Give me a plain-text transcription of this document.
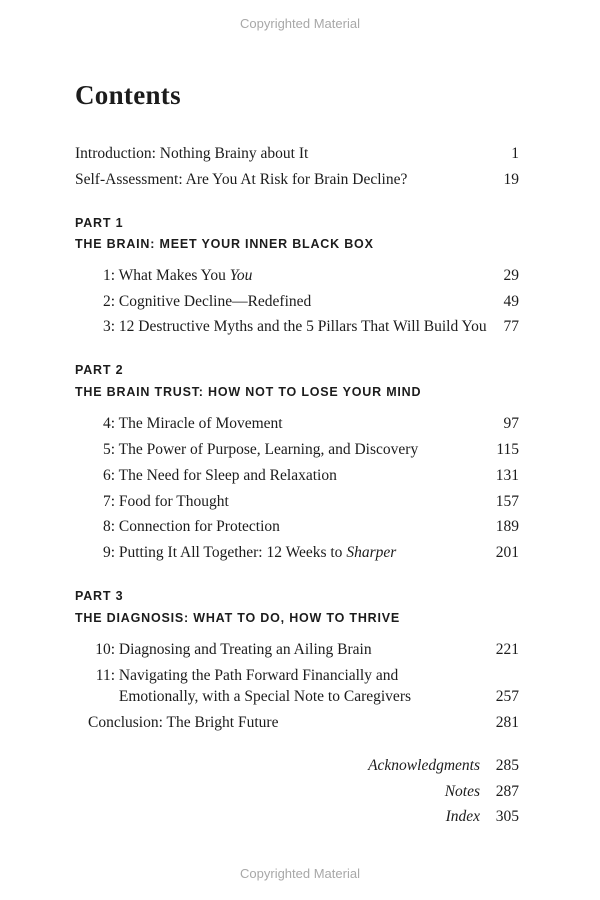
Copyrighted Material
Contents
Introduction: Nothing Brainy about It	1
Self-Assessment: Are You At Risk for Brain Decline?	19
PART 1
THE BRAIN: MEET YOUR INNER BLACK BOX
1: What Makes You You	29
2: Cognitive Decline—Redefined	49
3: 12 Destructive Myths and the 5 Pillars That Will Build You 77
PART 2
THE BRAIN TRUST: HOW NOT TO LOSE YOUR MIND
4: The Miracle of Movement	97
5: The Power of Purpose, Learning, and Discovery	115
6: The Need for Sleep and Relaxation	131
7: Food for Thought	157
8: Connection for Protection	189
9: Putting It All Together: 12 Weeks to Sharper	201
PART 3
THE DIAGNOSIS: WHAT TO DO, HOW TO THRIVE
10: Diagnosing and Treating an Ailing Brain	221
11: Navigating the Path Forward Financially and
Emotionally, with a Special Note to Caregivers	257
Conclusion: The Bright Future	281
Acknowledgments 285
Notes 287
Index 305
Copyrighted Material
